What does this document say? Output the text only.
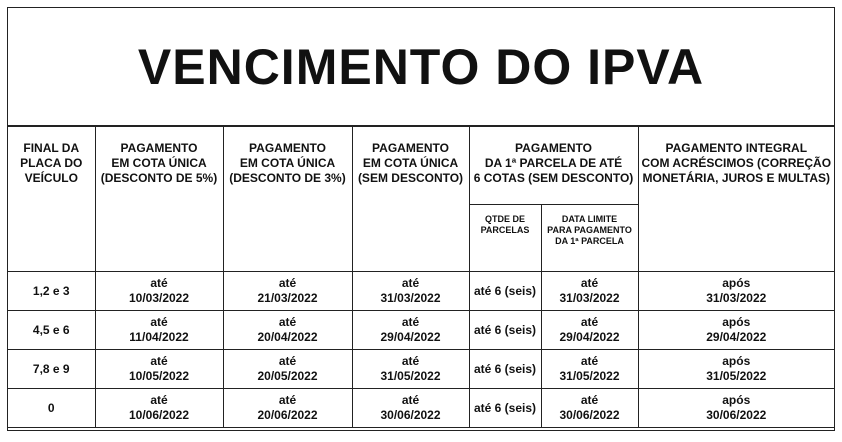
VENCIMENTO DO IPVA
FINAL DA
PLACA DO
VEÍCULO	PAGAMENTO
EM COTA ÚNICA
(DESCONTO DE 5%)	PAGAMENTO
EM COTA ÚNICA
(DESCONTO DE 3%)	PAGAMENTO
EM COTA ÚNICA
(SEM DESCONTO)	PAGAMENTO
DA 1ª PARCELA DE ATÉ
6 COTAS (SEM DESCONTO)		PAGAMENTO INTEGRAL
COM ACRÉSCIMOS (CORREÇÃO
MONETÁRIA, JUROS E MULTAS)
				QTDE DE
PARCELAS	DATA LIMITE
PARA PAGAMENTO
DA 1ª PARCELA	
1,2 e 3	até
10/03/2022	até
21/03/2022	até
31/03/2022	até 6 (seis)	até
31/03/2022	após
31/03/2022

4,5 e 6	até
11/04/2022	até
20/04/2022	até
29/04/2022	até 6 (seis)	até
29/04/2022	após
29/04/2022

7,8 e 9	até
10/05/2022	até
20/05/2022	até
31/05/2022	até 6 (seis)	até
31/05/2022	após
31/05/2022

0	até
10/06/2022	até
20/06/2022	até
30/06/2022	até 6 (seis)	até
30/06/2022	após
30/06/2022
